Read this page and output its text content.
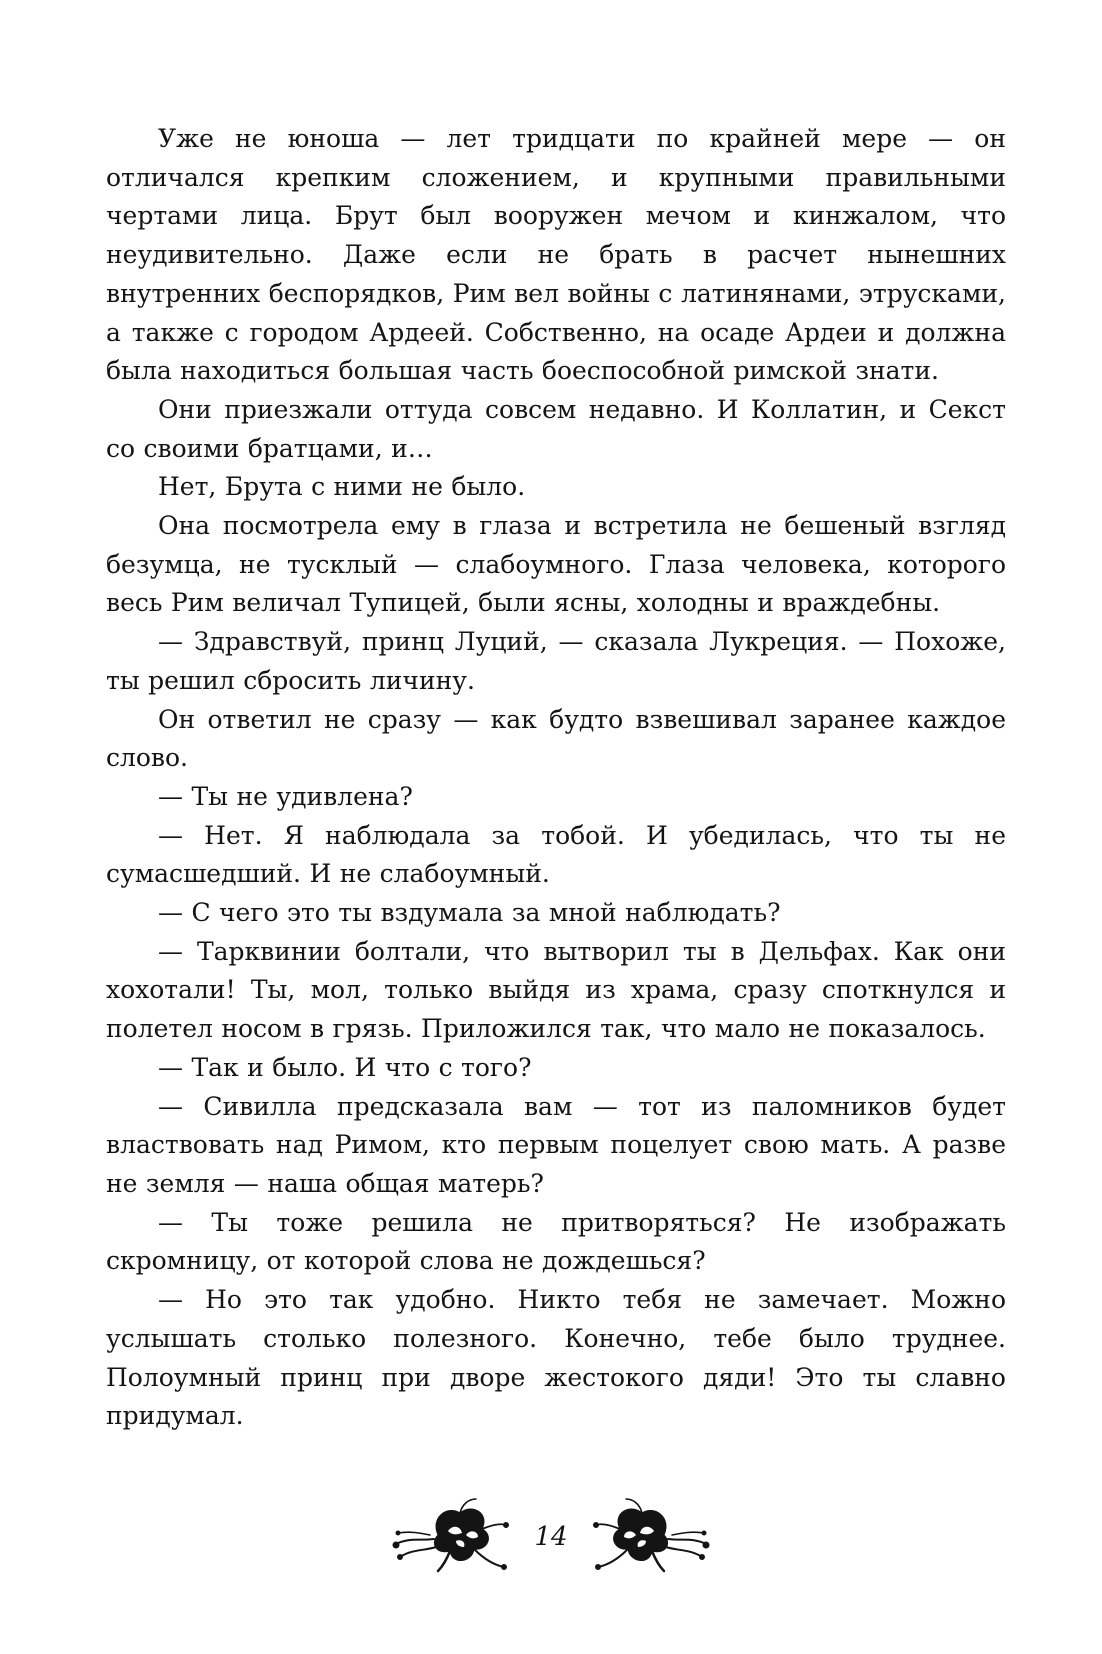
Уже не юноша — лет тридцати по крайней мере — он отличался крепким сложением, и крупными правильными чертами лица. Брут был вооружен мечом и кинжалом, что неудивительно. Даже если не брать в расчет нынешних внутренних беспорядков, Рим вел войны с латинянами, этрусками, а также с городом Ардеей. Собственно, на осаде Ардеи и должна была находиться большая часть боеспособной римской знати.

Они приезжали оттуда совсем недавно. И Коллатин, и Секст со своими братцами, и…

Нет, Брута с ними не было.

Она посмотрела ему в глаза и встретила не бешеный взгляд безумца, не тусклый — слабоумного. Глаза человека, которого весь Рим величал Тупицей, были ясны, холодны и враждебны.

— Здравствуй, принц Луций, — сказала Лукреция. — Похоже, ты решил сбросить личину.

Он ответил не сразу — как будто взвешивал заранее каждое слово.

— Ты не удивлена?

— Нет. Я наблюдала за тобой. И убедилась, что ты не сумасшедший. И не слабоумный.

— С чего это ты вздумала за мной наблюдать?

— Тарквинии болтали, что вытворил ты в Дельфах. Как они хохотали! Ты, мол, только выйдя из храма, сразу споткнулся и полетел носом в грязь. Приложился так, что мало не показалось.

— Так и было. И что с того?

— Сивилла предсказала вам — тот из паломников будет властвовать над Римом, кто первым поцелует свою мать. А разве не земля — наша общая матерь?

— Ты тоже решила не притворяться? Не изображать скромницу, от которой слова не дождешься?

— Но это так удобно. Никто тебя не замечает. Можно услышать столько полезного. Конечно, тебе было труднее. Полоумный принц при дворе жестокого дяди! Это ты славно придумал.

14
